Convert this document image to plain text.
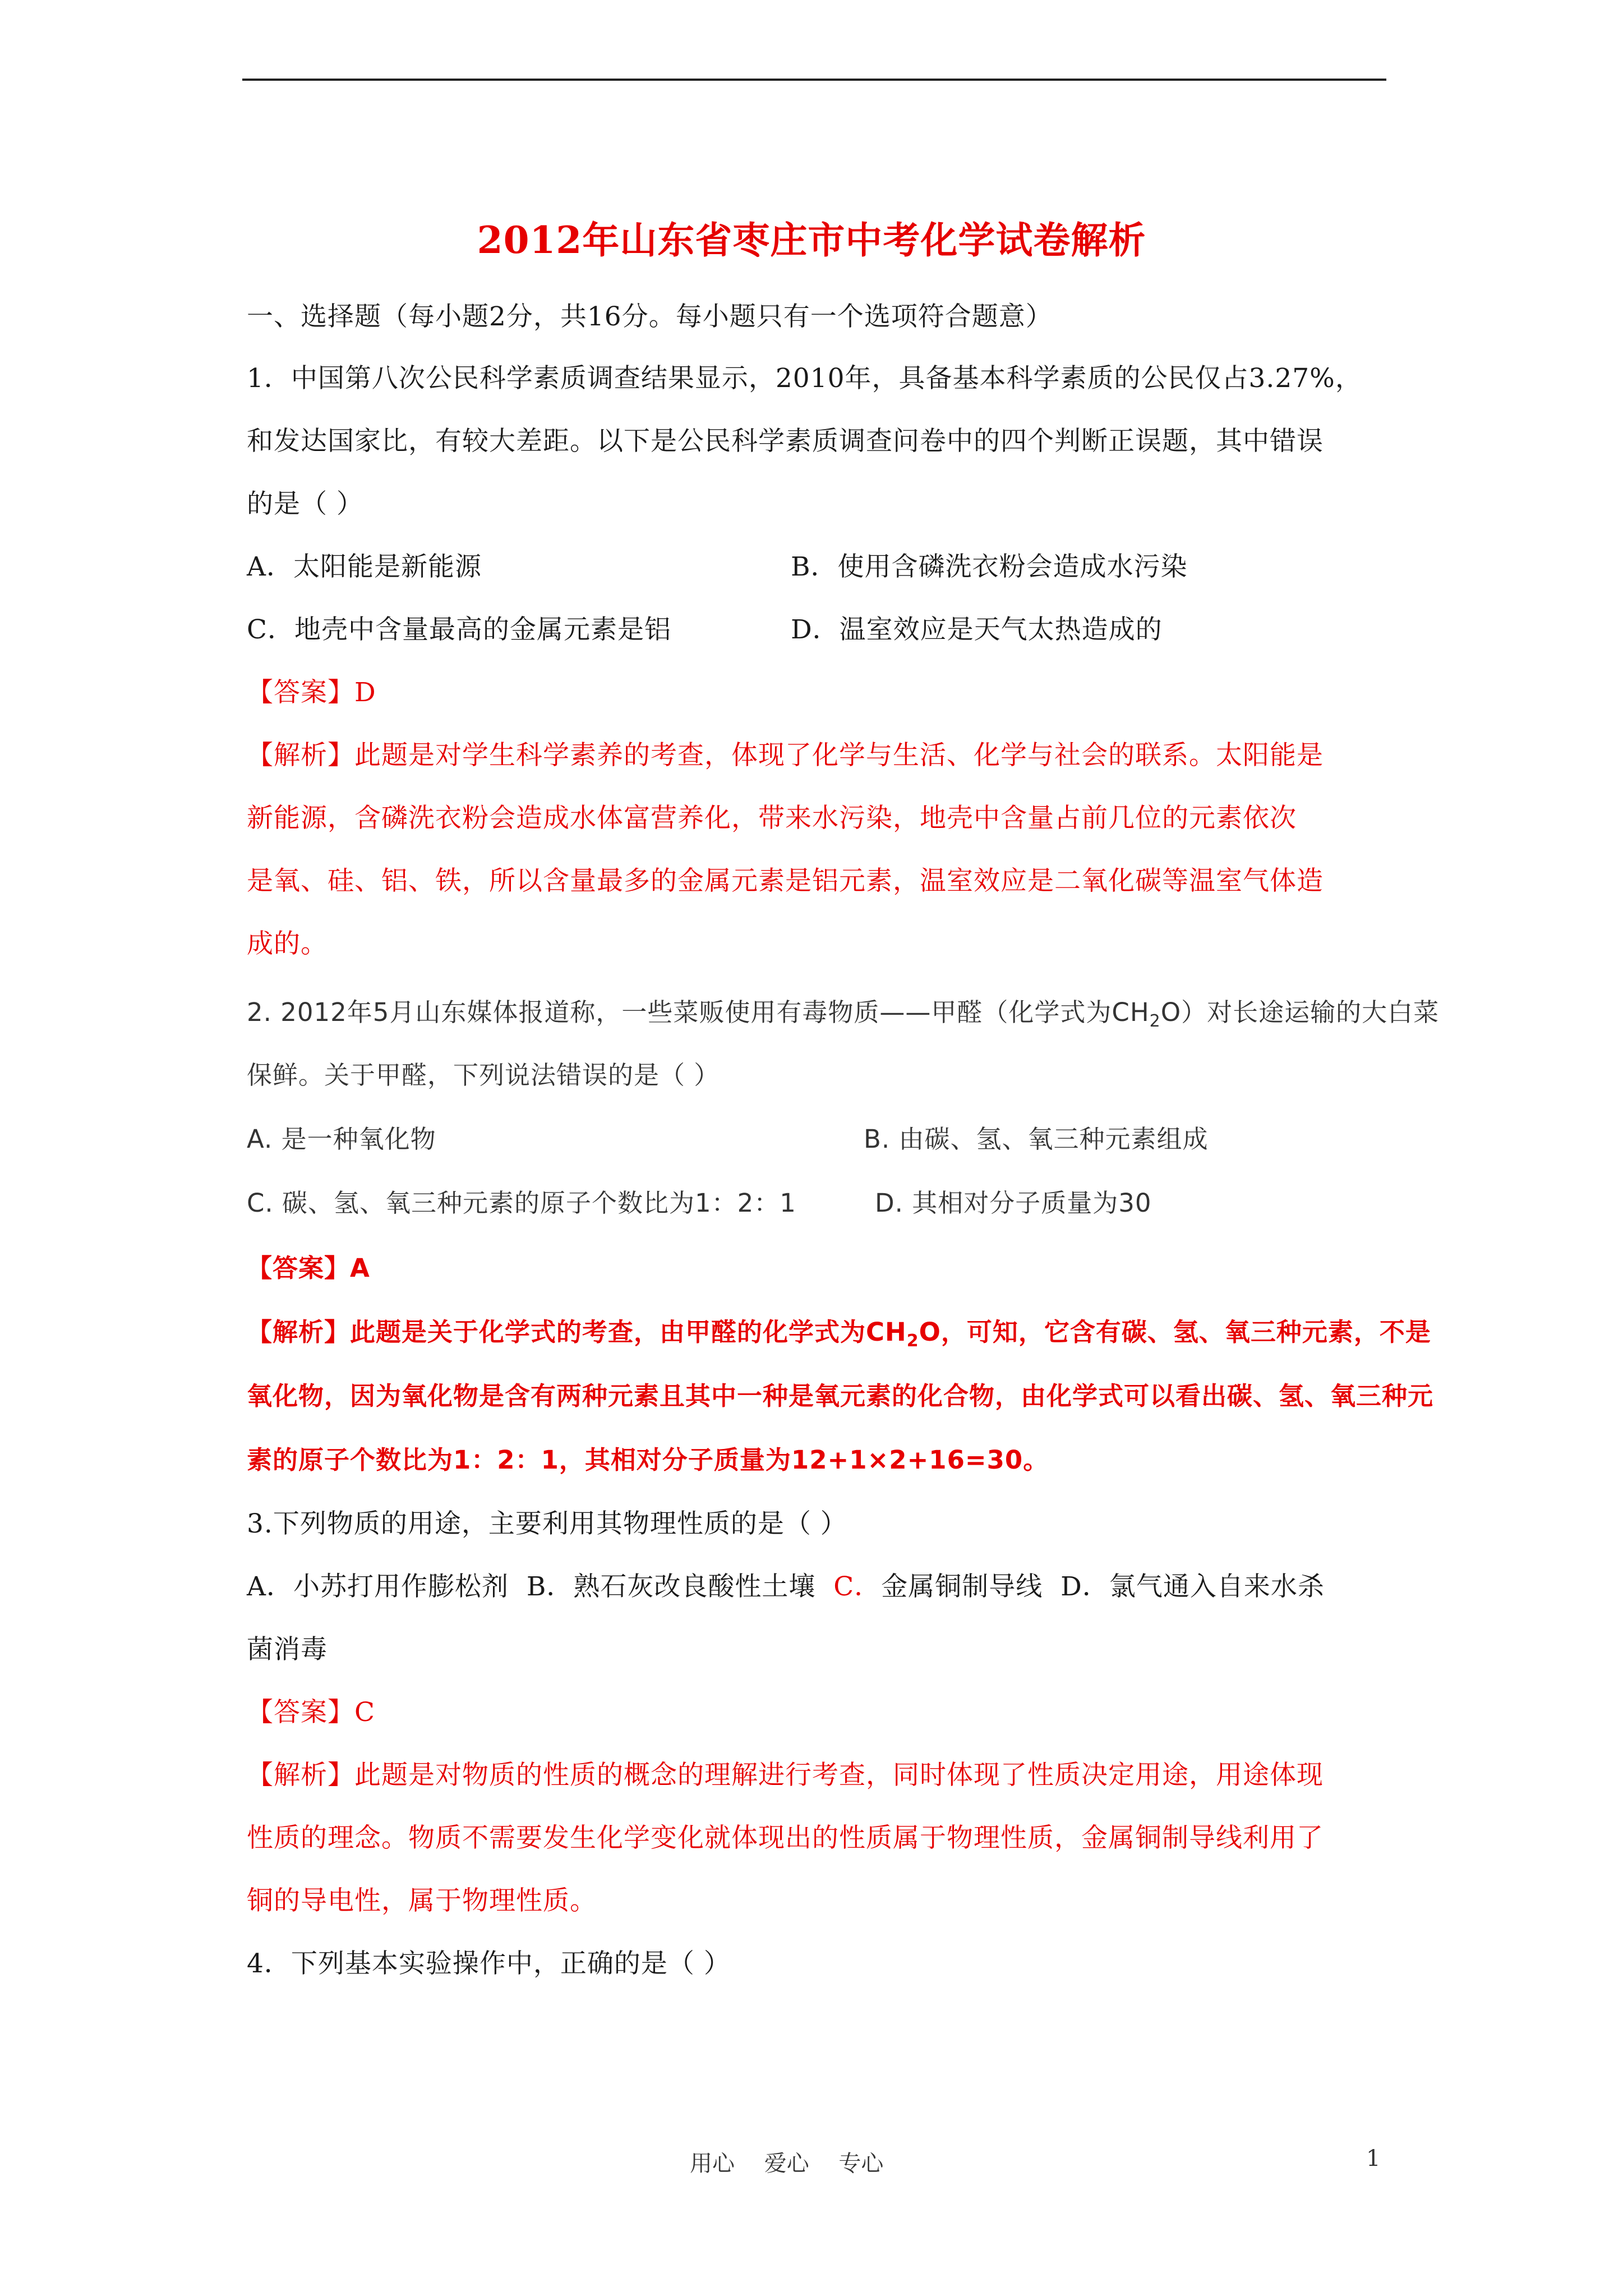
2012年山东省枣庄市中考化学试卷解析
一、选择题（每小题2分，共16分。每小题只有一个选项符合题意）
1．中国第八次公民科学素质调查结果显示，2010年，具备基本科学素质的公民仅占3.27%，
和发达国家比，有较大差距。以下是公民科学素质调查问卷中的四个判断正误题，其中错误
的是（ ）
A．太阳能是新能源	B．使用含磷洗衣粉会造成水污染
C．地壳中含量最高的金属元素是铝	D．温室效应是天气太热造成的
【答案】D
【解析】此题是对学生科学素养的考查，体现了化学与生活、化学与社会的联系。太阳能是
新能源，含磷洗衣粉会造成水体富营养化，带来水污染，地壳中含量占前几位的元素依次
是氧、硅、铝、铁，所以含量最多的金属元素是铝元素，温室效应是二氧化碳等温室气体造
成的。
2. 2012年5月山东媒体报道称，一些菜贩使用有毒物质——甲醛（化学式为$CH_2O$）对长途运输的大白菜
保鲜。关于甲醛，下列说法错误的是（ ）
A. 是一种氧化物	B. 由碳、氢、氧三种元素组成
C. 碳、氢、氧三种元素的原子个数比为1：2：1	D. 其相对分子质量为30
【答案】A
【解析】此题是关于化学式的考查，由甲醛的化学式为$CH_2O$，可知，它含有碳、氢、氧三种元素，不是
氧化物，因为氧化物是含有两种元素且其中一种是氧元素的化合物，由化学式可以看出碳、氢、氧三种元
素的原子个数比为1：2：1，其相对分子质量为12+1×2+16=30。
3.下列物质的用途，主要利用其物理性质的是（ ）
A．小苏打用作膨松剂 B．熟石灰改良酸性土壤 C．金属铜制导线 D．氯气通入自来水杀
菌消毒
【答案】C
【解析】此题是对物质的性质的概念的理解进行考查，同时体现了性质决定用途，用途体现
性质的理念。物质不需要发生化学变化就体现出的性质属于物理性质，金属铜制导线利用了
铜的导电性，属于物理性质。
4．下列基本实验操作中，正确的是（ ）
用心 爱心 专心	1
